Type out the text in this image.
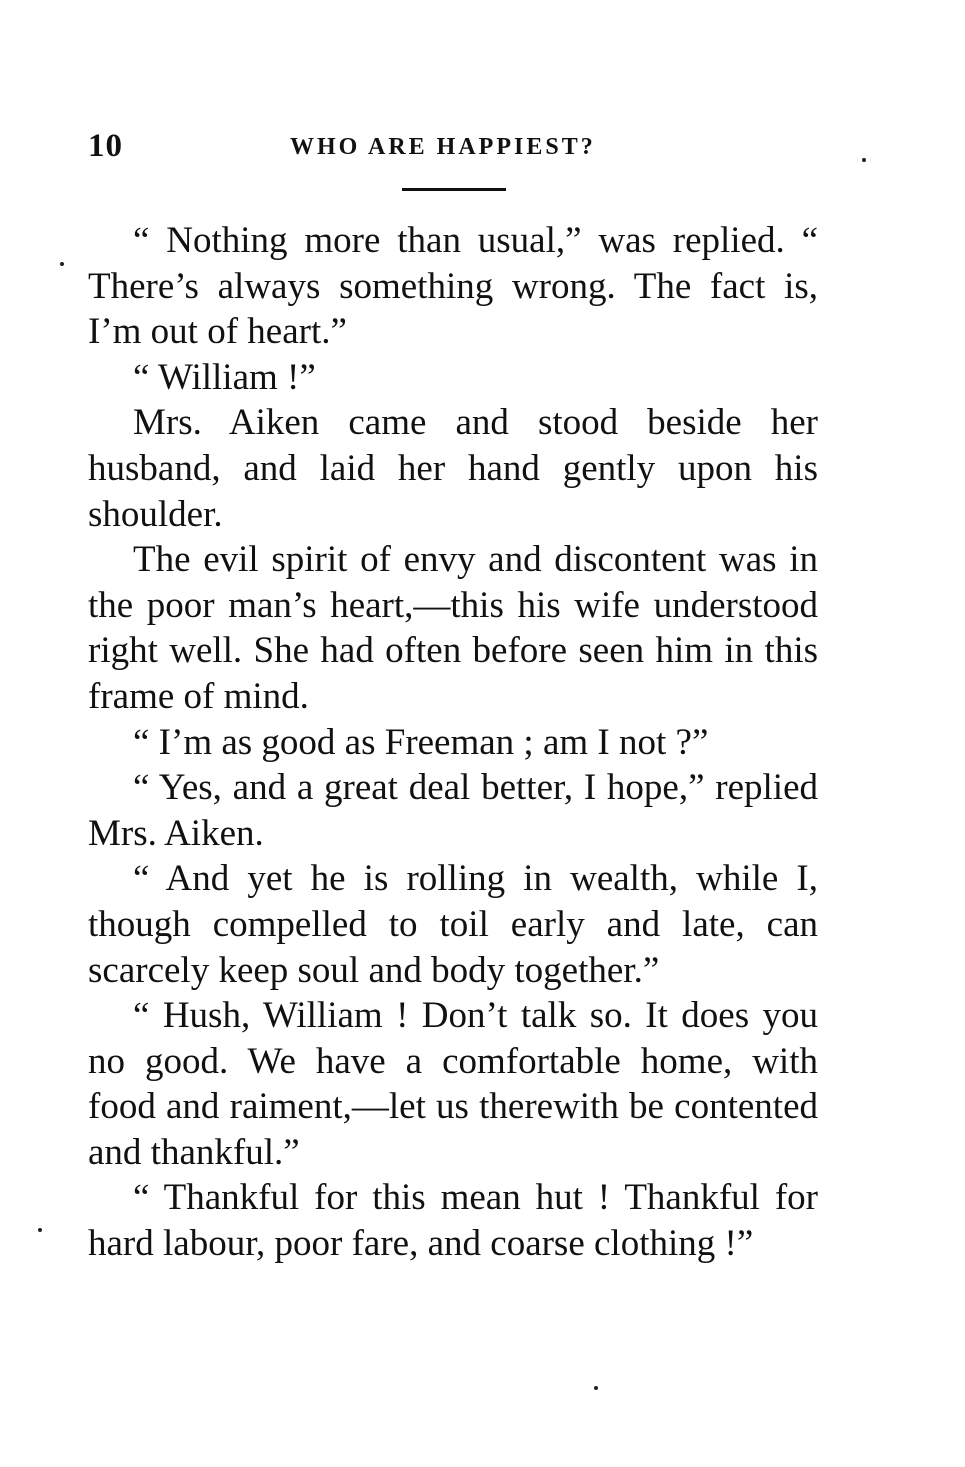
10	WHO ARE HAPPIEST?

“ Nothing more than usual,” was replied. “ There’s always something wrong. The fact is, I’m out of heart.”

“ William !”

Mrs. Aiken came and stood beside her husband, and laid her hand gently upon his shoulder.

The evil spirit of envy and discontent was in the poor man’s heart,—this his wife understood right well. She had often before seen him in this frame of mind.

“ I’m as good as Freeman ; am I not ?”

“ Yes, and a great deal better, I hope,” replied Mrs. Aiken.

“ And yet he is rolling in wealth, while I, though compelled to toil early and late, can scarcely keep soul and body together.”

“ Hush, William ! Don’t talk so. It does you no good. We have a comfortable home, with food and raiment,—let us therewith be contented and thankful.”

“ Thankful for this mean hut ! Thankful for hard labour, poor fare, and coarse clothing !”
